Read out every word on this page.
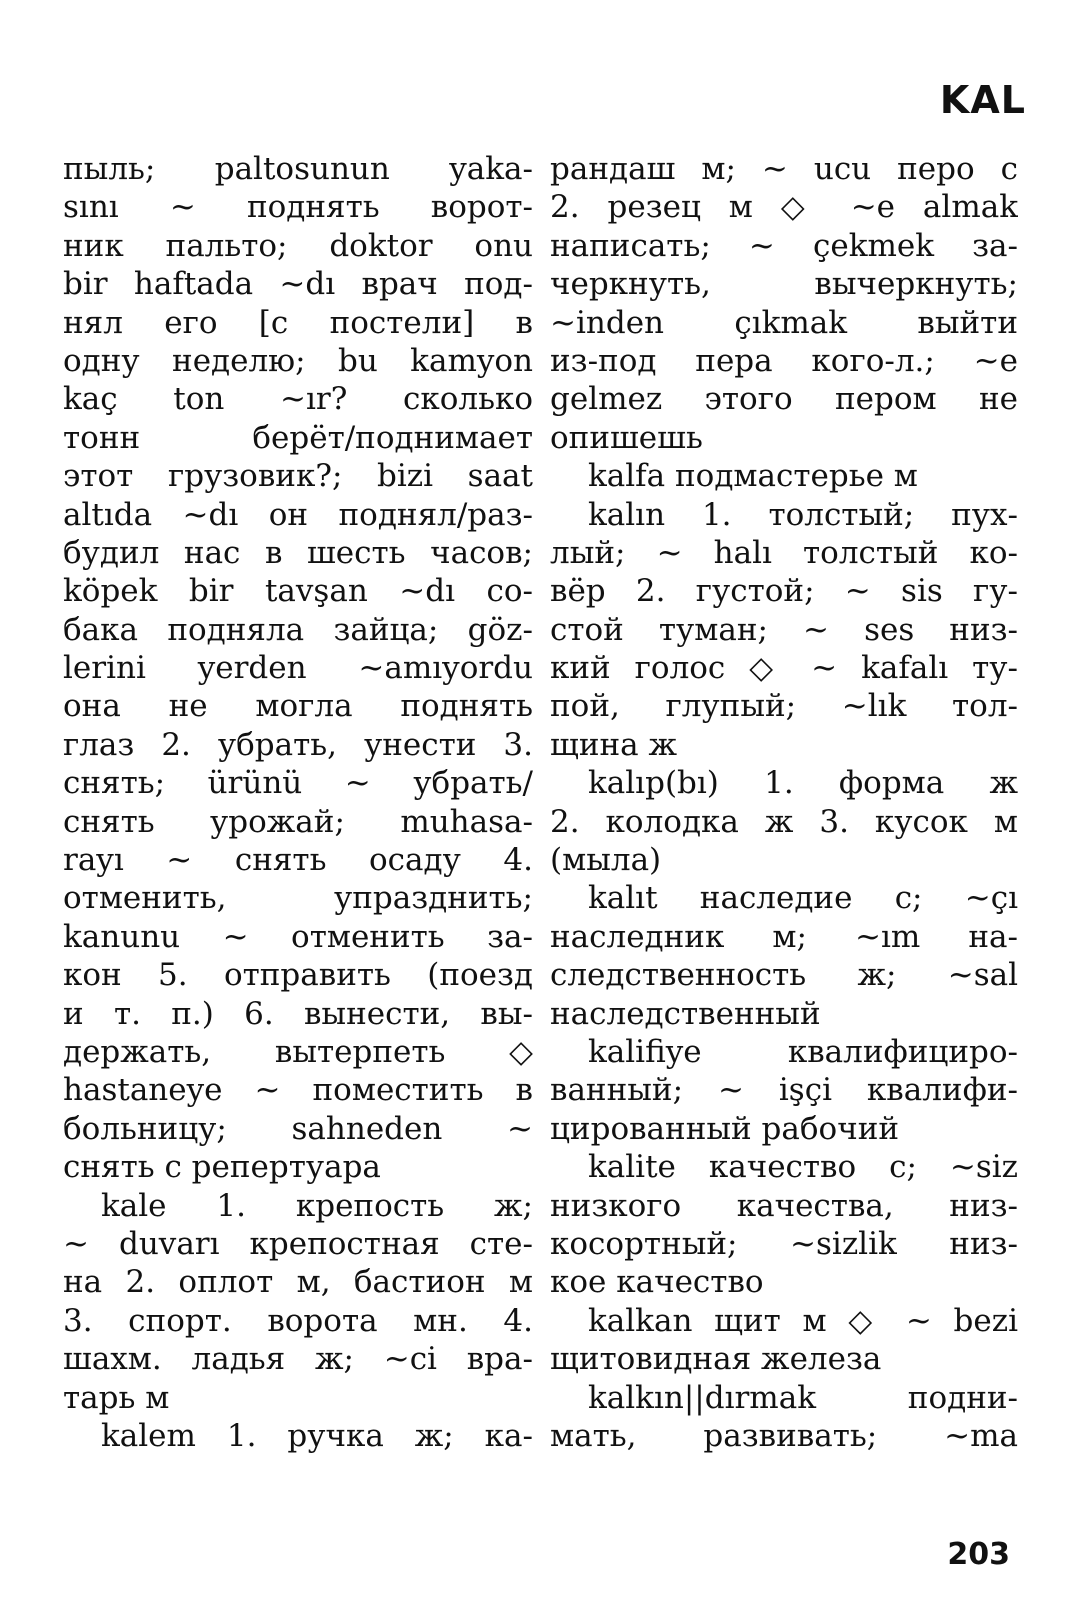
KAL
пыль; paltosunun yaka-
sını ~ поднять ворот-
ник пальто; doktor onu
bir haftada ~dı врач под-
нял его [с постели] в
одну неделю; bu kamyon
kaç ton ~ır? сколько
тонн берёт/поднимает
этот грузовик?; bizi saat
altıda ~dı он поднял/раз-
будил нас в шесть часов;
köpek bir tavşan ~dı со-
бака подняла зайца; göz-
lerini yerden ~amıyordu
она не могла поднять
глаз 2. убрать, унести 3.
снять; ürünü ~ убрать/
снять урожай; muhasa-
rayı ~ снять осаду 4.
отменить, упразднить;
kanunu ~ отменить за-
кон 5. отправить (поезд
и т. п.) 6. вынести, вы-
держать, вытерпеть ◇
hastaneye ~ поместить в
больницу; sahneden ~
снять с репертуара
kale 1. крепость ж;
~ duvarı крепостная сте-
на 2. оплот м, бастион м
3. спорт. ворота мн. 4.
шахм. ладья ж; ~ci вра-
тарь м
kalem 1. ручка ж; ка-
рандаш м; ~ ucu перо с
2. резец м ◇ ~e almak
написать; ~ çekmek за-
черкнуть, вычеркнуть;
~inden çıkmak выйти
из-под пера кого-л.; ~e
gelmez этого пером не
опишешь
kalfa подмастерье м
kalın 1. толстый; пух-
лый; ~ halı толстый ко-
вёр 2. густой; ~ sis гу-
стой туман; ~ ses низ-
кий голос ◇ ~ kafalı ту-
пой, глупый; ~lık тол-
щина ж
kalıp(bı) 1. форма ж
2. колодка ж 3. кусок м
(мыла)
kalıt наследие с; ~çı
наследник м; ~ım на-
следственность ж; ~sal
наследственный
kalifiye квалифициро-
ванный; ~ işçi квалифи-
цированный рабочий
kalite качество с; ~siz
низкого качества, низ-
косортный; ~sizlik низ-
кое качество
kalkan щит м ◇ ~ bezi
щитовидная железа
kalkın||dırmak подни-
мать, развивать; ~ma
203
